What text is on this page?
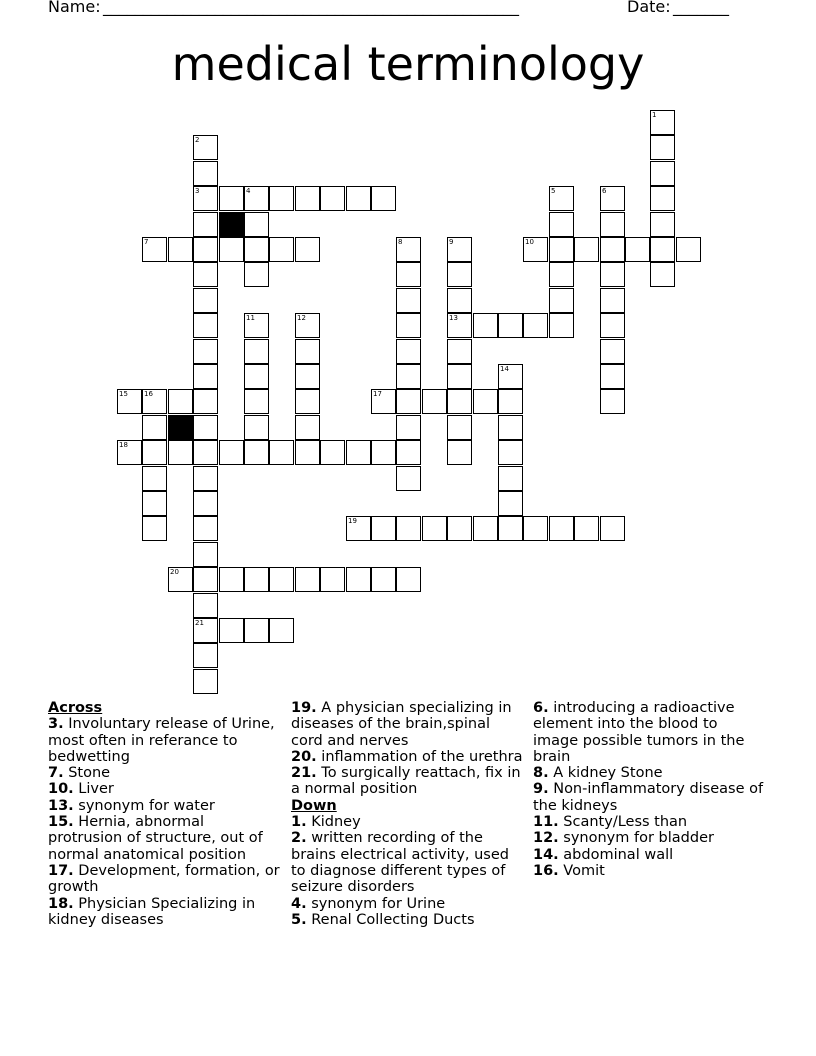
Name: ____________________________________________________	Date: _______
medical terminology
1
2
3
21
4	5	6
7	8	9
13
10
11	12
14
15 16	17
18
19
20
Across
3. Involuntary release of Urine, most often in referance to bedwetting
7. Stone
10. Liver
13. synonym for water
15. Hernia, abnormal protrusion of structure, out of normal anatomical position
17. Development, formation, or growth
18. Physician Specializing in kidney diseases
19. A physician specializing in diseases of the brain,spinal cord and nerves
20. inflammation of the urethra
21. To surgically reattach, fix in a normal position
Down
1. Kidney
2. written recording of the brains electrical activity, used to diagnose different types of seizure disorders
4. synonym for Urine
5. Renal Collecting Ducts
6. introducing a radioactive element into the blood to image possible tumors in the brain
8. A kidney Stone
9. Non-inflammatory disease of the kidneys
11. Scanty/Less than
12. synonym for bladder
14. abdominal wall
16. Vomit
